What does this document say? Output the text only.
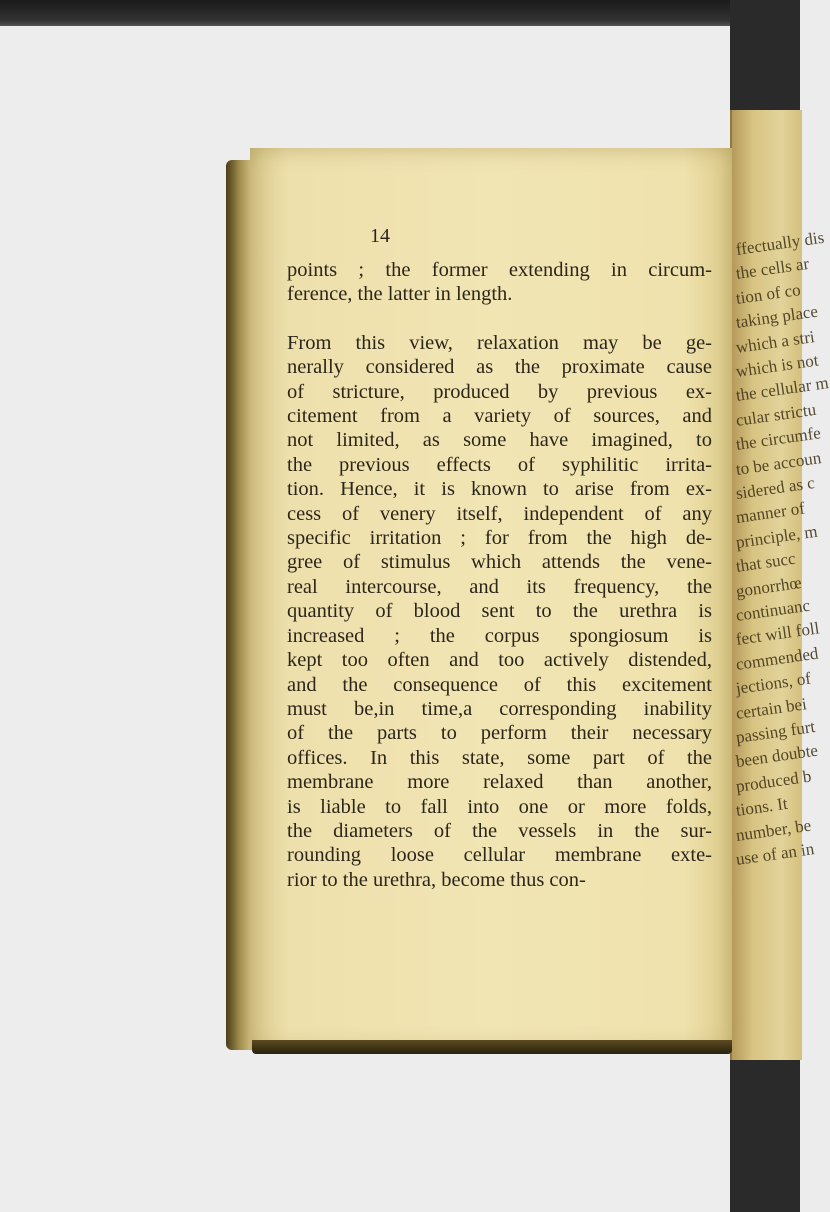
ffectually dis
the cells ar
tion of co
taking place
which a stri
which is not
the cellular m
cular strictu
the circumfe
to be accoun
sidered as c
manner of
principle, m
that succ
gonorrhœ
continuanc
fect will foll
commended
jections, of
certain bei
passing furt
been doubte
produced b
tions. It
number, be
use of an in
14
points ; the former extending in circum-
ference, the latter in length.
From this view, relaxation may be ge-
nerally considered as the proximate cause
of stricture, produced by previous ex-
citement from a variety of sources, and
not limited, as some have imagined, to
the previous effects of syphilitic irrita-
tion. Hence, it is known to arise from ex-
cess of venery itself, independent of any
specific irritation ; for from the high de-
gree of stimulus which attends the vene-
real intercourse, and its frequency, the
quantity of blood sent to the urethra is
increased ; the corpus spongiosum is
kept too often and too actively distended,
and the consequence of this excitement
must be,in time,a corresponding inability
of the parts to perform their necessary
offices. In this state, some part of the
membrane more relaxed than another,
is liable to fall into one or more folds,
the diameters of the vessels in the sur-
rounding loose cellular membrane exte-
rior to the urethra, become thus con-
